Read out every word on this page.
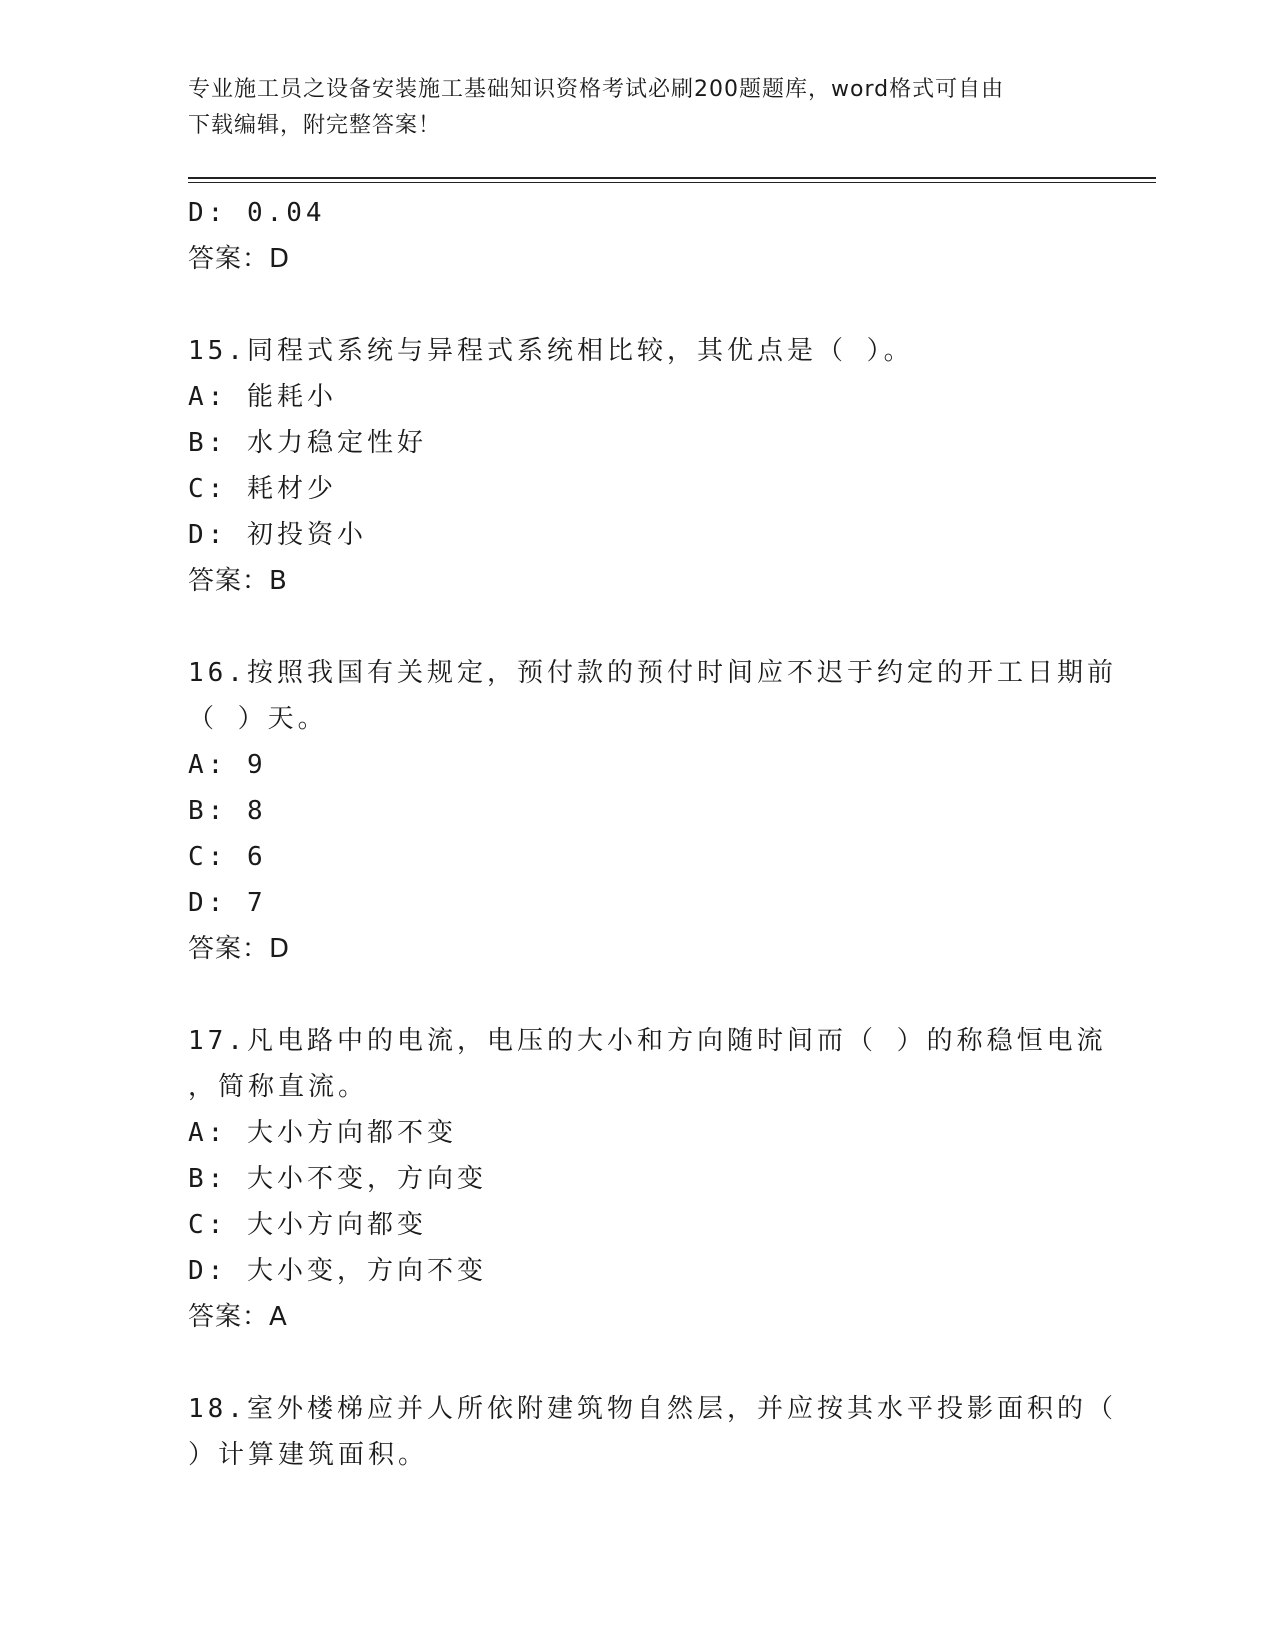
专业施工员之设备安装施工基础知识资格考试必刷200题题库，word格式可自由
下载编辑，附完整答案！
D: 0.04
答案：D
15.同程式系统与异程式系统相比较，其优点是（ ）。
A: 能耗小
B: 水力稳定性好
C: 耗材少
D: 初投资小
答案：B
16.按照我国有关规定，预付款的预付时间应不迟于约定的开工日期前
（ ）天。
A: 9
B: 8
C: 6
D: 7
答案：D
17.凡电路中的电流，电压的大小和方向随时间而（ ）的称稳恒电流
，简称直流。
A: 大小方向都不变
B: 大小不变，方向变
C: 大小方向都变
D: 大小变，方向不变
答案：A
18.室外楼梯应并人所依附建筑物自然层，并应按其水平投影面积的（
）计算建筑面积。
